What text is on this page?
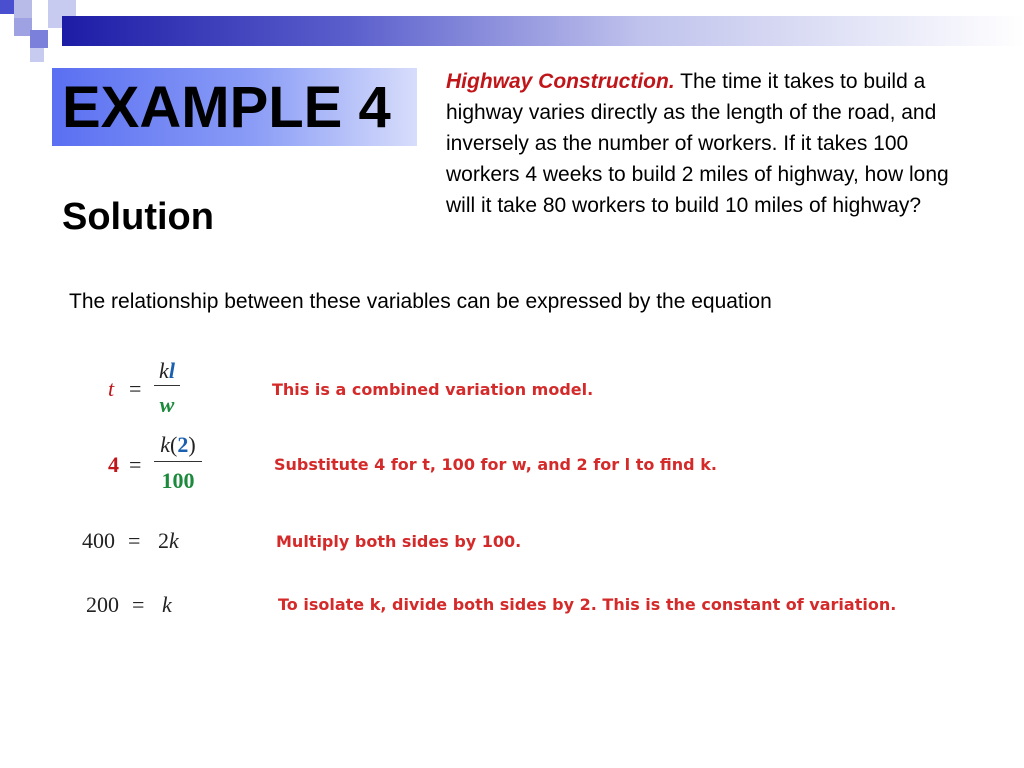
EXAMPLE 4
Solution
Highway Construction. The time it takes to build a highway varies directly as the length of the road, and inversely as the number of workers. If it takes 100 workers 4 weeks to build 2 miles of highway, how long will it take 80 workers to build 10 miles of highway?
The relationship between these variables can be expressed by the equation
t =
kl
w
This is a combined variation model.
4 =
k(2)
100
Substitute 4 for t, 100 for w, and 2 for l to find k.
400 = 2k	Multiply both sides by 100.
200 = k	To isolate k, divide both sides by 2. This is the constant of variation.
